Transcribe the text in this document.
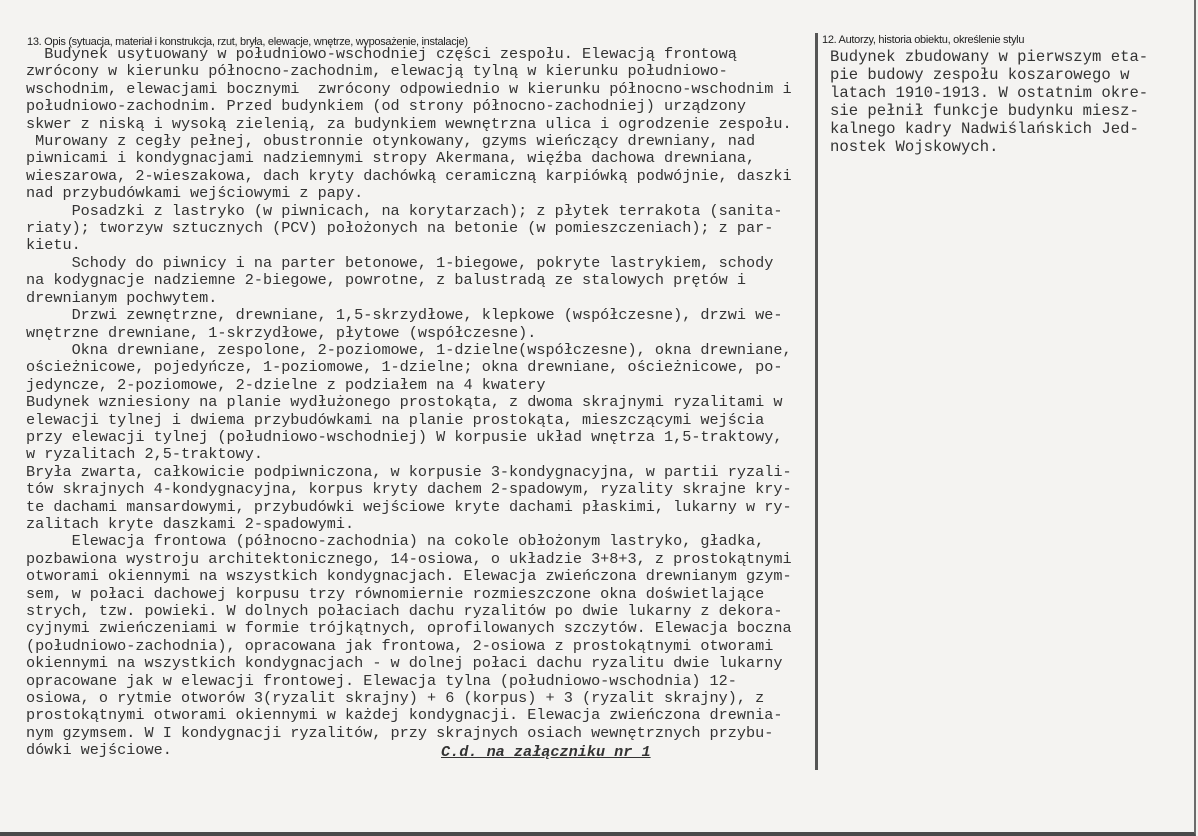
13. Opis (sytuacja, materiał i konstrukcja, rzut, bryła, elewacje, wnętrze, wyposażenie, instalacje)
Budynek usytuowany w południowo-wschodniej części zespołu. Elewacją frontową
zwrócony w kierunku północno-zachodnim, elewacją tylną w kierunku południowo-
wschodnim, elewacjami bocznymi  zwrócony odpowiednio w kierunku północno-wschodnim i
południowo-zachodnim. Przed budynkiem (od strony północno-zachodniej) urządzony
skwer z niską i wysoką zielenią, za budynkiem wewnętrzna ulica i ogrodzenie zespołu.
Murowany z cegły pełnej, obustronnie otynkowany, gzyms wieńczący drewniany, nad
piwnicami i kondygnacjami nadziemnymi stropy Akermana, więźba dachowa drewniana,
wieszarowa, 2-wieszakowa, dach kryty dachówką ceramiczną karpiówką podwójnie, daszki
nad przybudówkami wejściowymi z papy.
Posadzki z lastryko (w piwnicach, na korytarzach); z płytek terrakota (sanita-
riaty); tworzyw sztucznych (PCV) położonych na betonie (w pomieszczeniach); z par-
kietu.
Schody do piwnicy i na parter betonowe, 1-biegowe, pokryte lastrykiem, schody
na kodygnacje nadziemne 2-biegowe, powrotne, z balustradą ze stalowych prętów i
drewnianym pochwytem.
Drzwi zewnętrzne, drewniane, 1,5-skrzydłowe, klepkowe (współczesne), drzwi we-
wnętrzne drewniane, 1-skrzydłowe, płytowe (współczesne).
Okna drewniane, zespolone, 2-poziomowe, 1-dzielne(współczesne), okna drewniane,
ościeżnicowe, pojedyńcze, 1-poziomowe, 1-dzielne; okna drewniane, ościeżnicowe, po-
jedyncze, 2-poziomowe, 2-dzielne z podziałem na 4 kwatery
Budynek wzniesiony na planie wydłużonego prostokąta, z dwoma skrajnymi ryzalitami w
elewacji tylnej i dwiema przybudówkami na planie prostokąta, mieszczącymi wejścia
przy elewacji tylnej (południowo-wschodniej) W korpusie układ wnętrza 1,5-traktowy,
w ryzalitach 2,5-traktowy.
Bryła zwarta, całkowicie podpiwniczona, w korpusie 3-kondygnacyjna, w partii ryzali-
tów skrajnych 4-kondygnacyjna, korpus kryty dachem 2-spadowym, ryzality skrajne kry-
te dachami mansardowymi, przybudówki wejściowe kryte dachami płaskimi, lukarny w ry-
zalitach kryte daszkami 2-spadowymi.
Elewacja frontowa (północno-zachodnia) na cokole obłożonym lastryko, gładka,
pozbawiona wystroju architektonicznego, 14-osiowa, o układzie 3+8+3, z prostokątnymi
otworami okiennymi na wszystkich kondygnacjach. Elewacja zwieńczona drewnianym gzym-
sem, w połaci dachowej korpusu trzy równomiernie rozmieszczone okna doświetlające
strych, tzw. powieki. W dolnych połaciach dachu ryzalitów po dwie lukarny z dekora-
cyjnymi zwieńczeniami w formie trójkątnych, oprofilowanych szczytów. Elewacja boczna
(południowo-zachodnia), opracowana jak frontowa, 2-osiowa z prostokątnymi otworami
okiennymi na wszystkich kondygnacjach - w dolnej połaci dachu ryzalitu dwie lukarny
opracowane jak w elewacji frontowej. Elewacja tylna (południowo-wschodnia) 12-
osiowa, o rytmie otworów 3(ryzalit skrajny) + 6 (korpus) + 3 (ryzalit skrajny), z
prostokątnymi otworami okiennymi w każdej kondygnacji. Elewacja zwieńczona drewnia-
nym gzymsem. W I kondygnacji ryzalitów, przy skrajnych osiach wewnętrznych przybu-
dówki wejściowe.	C.d. na załączniku nr 1
12. Autorzy, historia obiektu, określenie stylu
Budynek zbudowany w pierwszym eta-
pie budowy zespołu koszarowego w
latach 1910-1913. W ostatnim okre-
sie pełnił funkcje budynku miesz-
kalnego kadry Nadwiślańskich Jed-
nostek Wojskowych.
